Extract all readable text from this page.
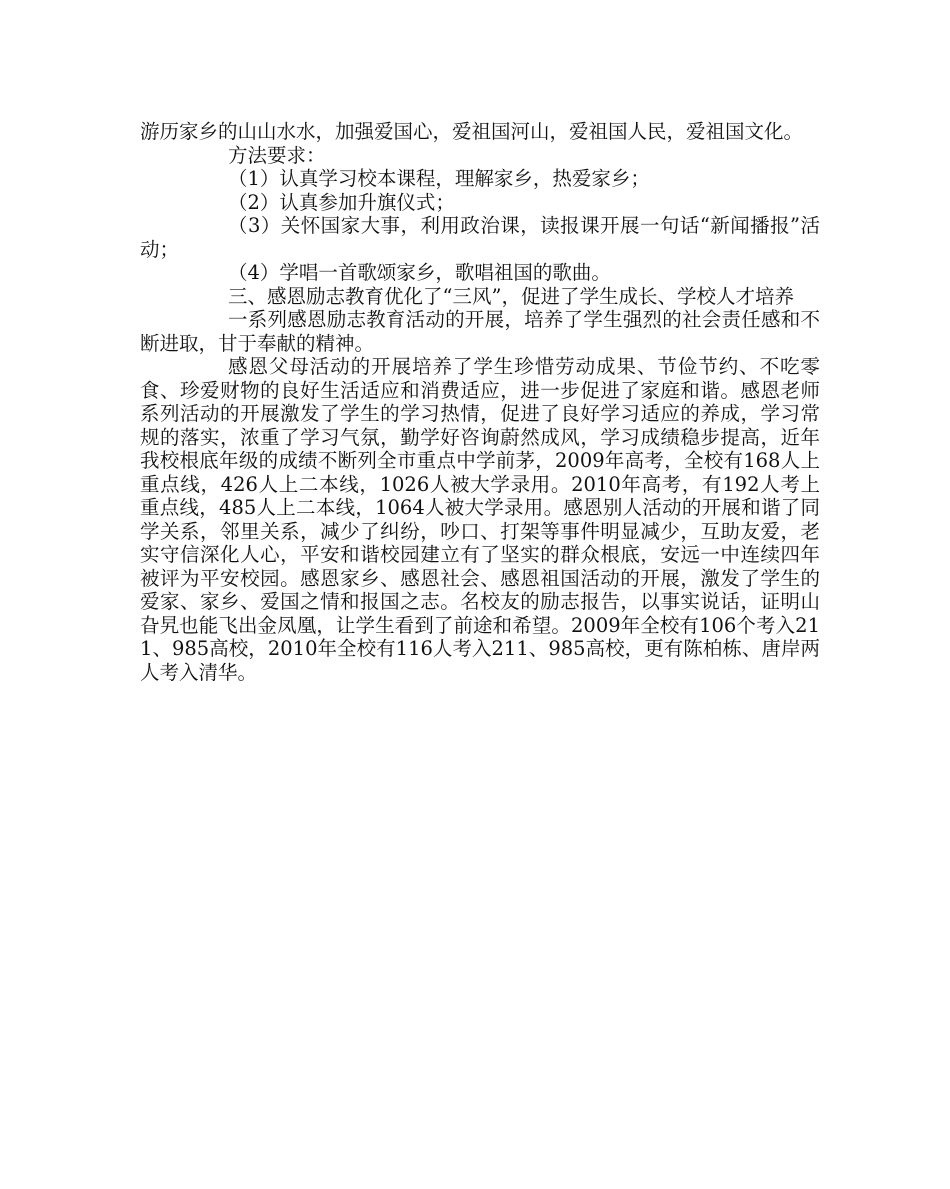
游历家乡的山山水水，加强爱国心，爱祖国河山，爱祖国人民，爱祖国文化。

方法要求：

（1）认真学习校本课程，理解家乡，热爱家乡；

（2）认真参加升旗仪式；

（3）关怀国家大事，利用政治课，读报课开展一句话“新闻播报”活动；

（4）学唱一首歌颂家乡，歌唱祖国的歌曲。

三、感恩励志教育优化了“三风”，促进了学生成长、学校人才培养

一系列感恩励志教育活动的开展，培养了学生强烈的社会责任感和不断进取，甘于奉献的精神。

感恩父母活动的开展培养了学生珍惜劳动成果、节俭节约、不吃零食、珍爱财物的良好生活适应和消费适应，进一步促进了家庭和谐。感恩老师系列活动的开展激发了学生的学习热情，促进了良好学习适应的养成，学习常规的落实，浓重了学习气氛，勤学好咨询蔚然成风，学习成绩稳步提高，近年我校根底年级的成绩不断列全市重点中学前茅，2009年高考，全校有168人上重点线，426人上二本线，1026人被大学录用。2010年高考，有192人考上重点线，485人上二本线，1064人被大学录用。感恩别人活动的开展和谐了同学关系，邻里关系，减少了纠纷，吵口、打架等事件明显减少，互助友爱，老实守信深化人心，平安和谐校园建立有了坚实的群众根底，安远一中连续四年被评为平安校园。感恩家乡、感恩社会、感恩祖国活动的开展，激发了学生的爱家、家乡、爱国之情和报国之志。名校友的励志报告，以事实说话，证明山旮旯也能飞出金凤凰，让学生看到了前途和希望。2009年全校有106个考入211、985高校，2010年全校有116人考入211、985高校，更有陈柏栋、唐岸两人考入清华。
